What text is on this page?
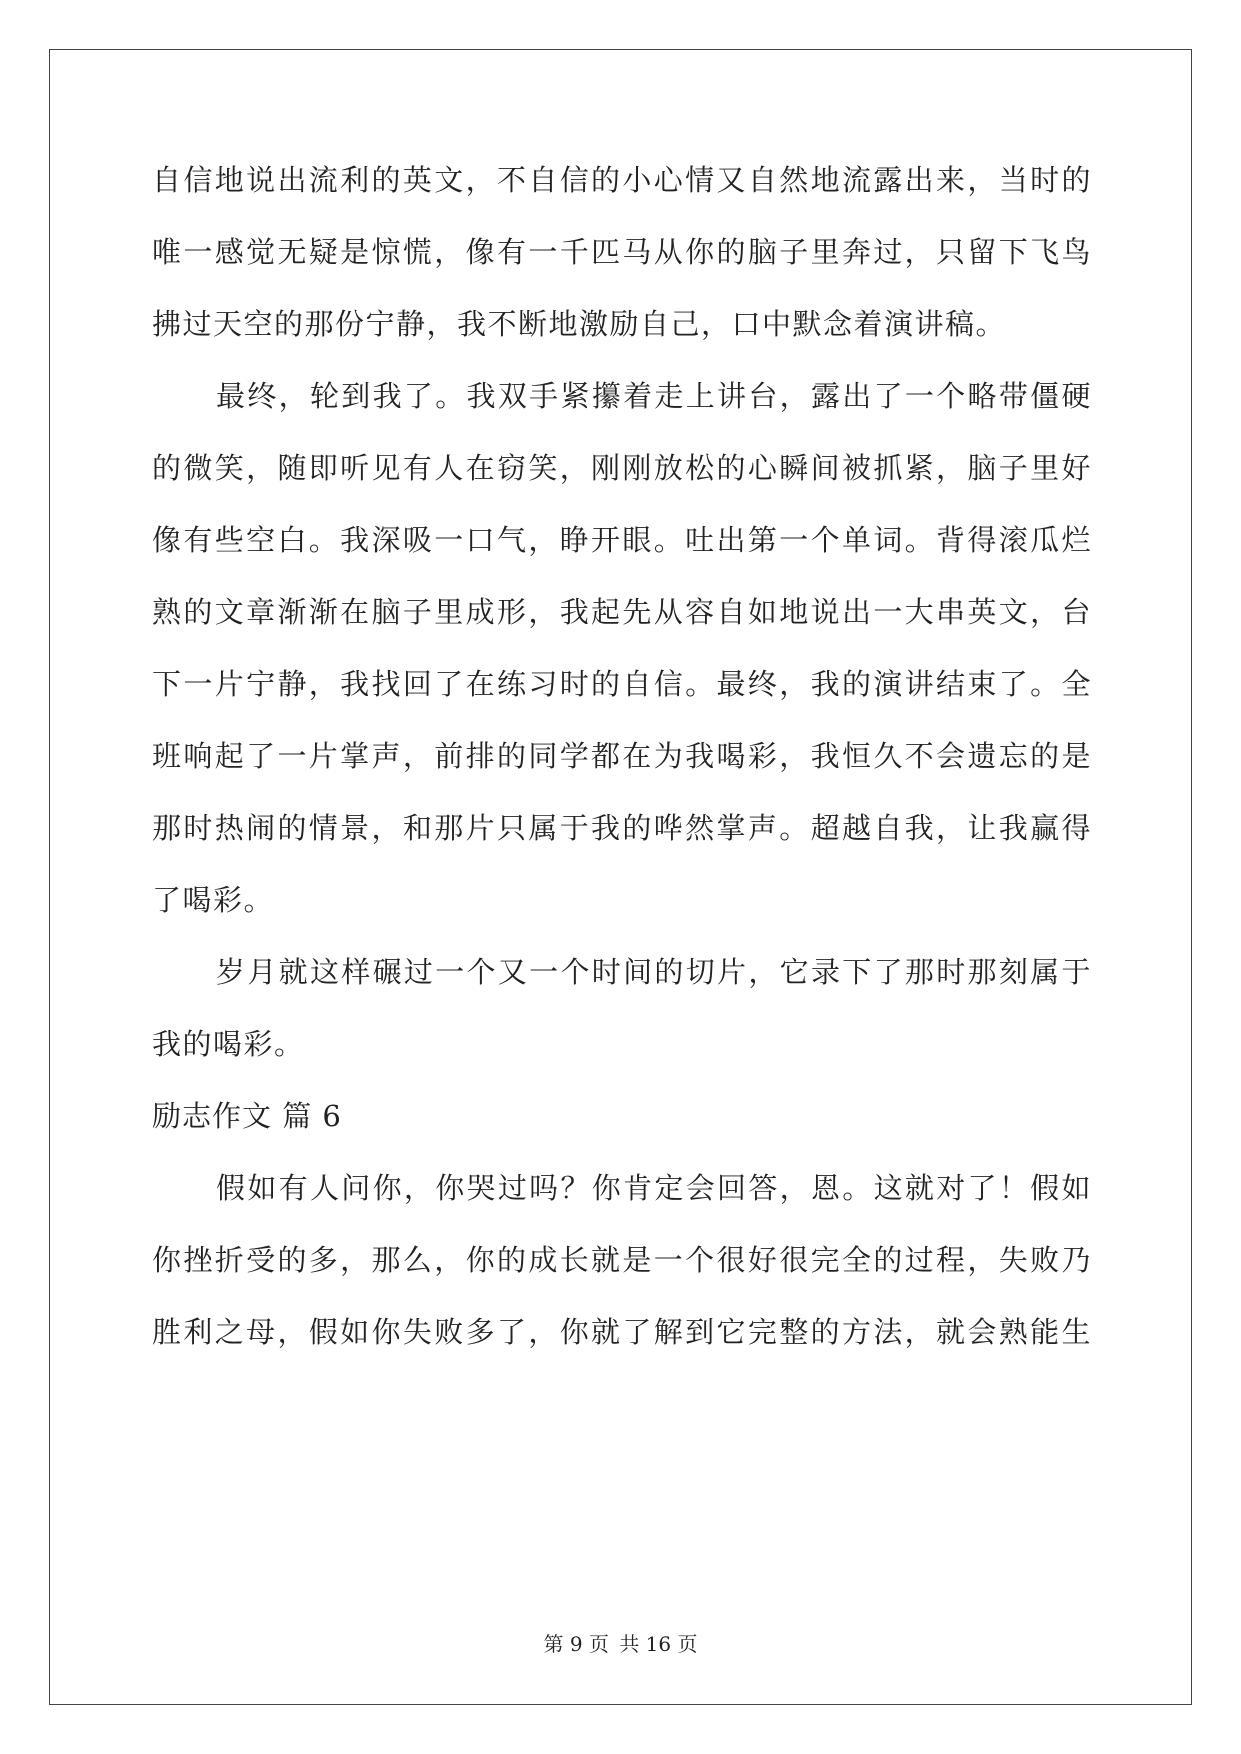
自信地说出流利的英文，不自信的小心情又自然地流露出来，当时的
唯一感觉无疑是惊慌，像有一千匹马从你的脑子里奔过，只留下飞鸟
拂过天空的那份宁静，我不断地激励自己，口中默念着演讲稿。
最终，轮到我了。我双手紧攥着走上讲台，露出了一个略带僵硬
的微笑，随即听见有人在窃笑，刚刚放松的心瞬间被抓紧，脑子里好
像有些空白。我深吸一口气，睁开眼。吐出第一个单词。背得滚瓜烂
熟的文章渐渐在脑子里成形，我起先从容自如地说出一大串英文，台
下一片宁静，我找回了在练习时的自信。最终，我的演讲结束了。全
班响起了一片掌声，前排的同学都在为我喝彩，我恒久不会遗忘的是
那时热闹的情景，和那片只属于我的哗然掌声。超越自我，让我赢得
了喝彩。
岁月就这样碾过一个又一个时间的切片，它录下了那时那刻属于
我的喝彩。
励志作文 篇 6
假如有人问你，你哭过吗？你肯定会回答，恩。这就对了！假如
你挫折受的多，那么，你的成长就是一个很好很完全的过程，失败乃
胜利之母，假如你失败多了，你就了解到它完整的方法，就会熟能生
第 9 页 共 16 页
